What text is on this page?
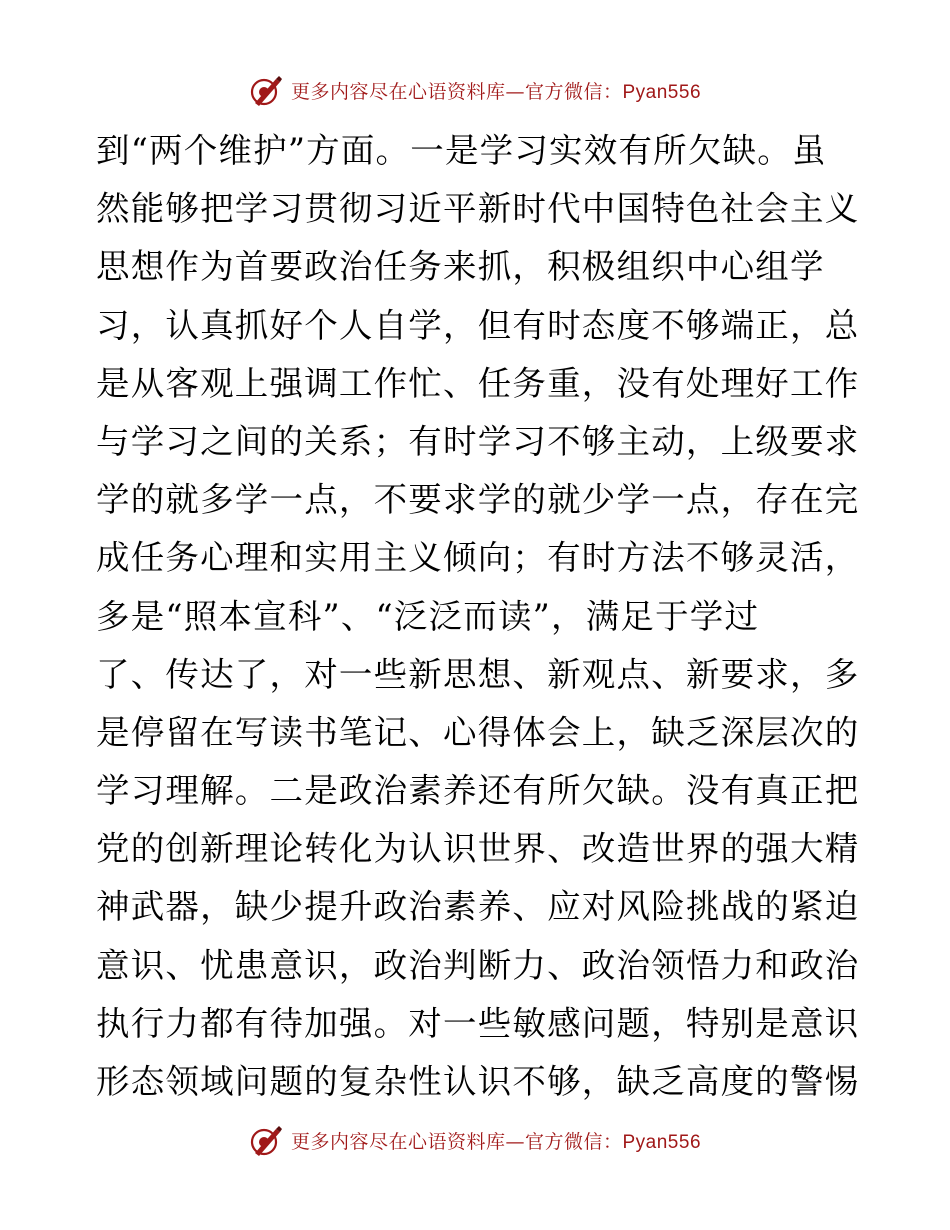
更多内容尽在心语资料库—官方微信：Pyan556
到“两个维护”方面。一是学习实效有所欠缺。虽
然能够把学习贯彻习近平新时代中国特色社会主义
思想作为首要政治任务来抓，积极组织中心组学
习，认真抓好个人自学，但有时态度不够端正，总
是从客观上强调工作忙、任务重，没有处理好工作
与学习之间的关系；有时学习不够主动，上级要求
学的就多学一点，不要求学的就少学一点，存在完
成任务心理和实用主义倾向；有时方法不够灵活，
多是“照本宣科”、“泛泛而读”，满足于学过
了、传达了，对一些新思想、新观点、新要求，多
是停留在写读书笔记、心得体会上，缺乏深层次的
学习理解。二是政治素养还有所欠缺。没有真正把
党的创新理论转化为认识世界、改造世界的强大精
神武器，缺少提升政治素养、应对风险挑战的紧迫
意识、忧患意识，政治判断力、政治领悟力和政治
执行力都有待加强。对一些敏感问题，特别是意识
形态领域问题的复杂性认识不够，缺乏高度的警惕
更多内容尽在心语资料库—官方微信：Pyan556
